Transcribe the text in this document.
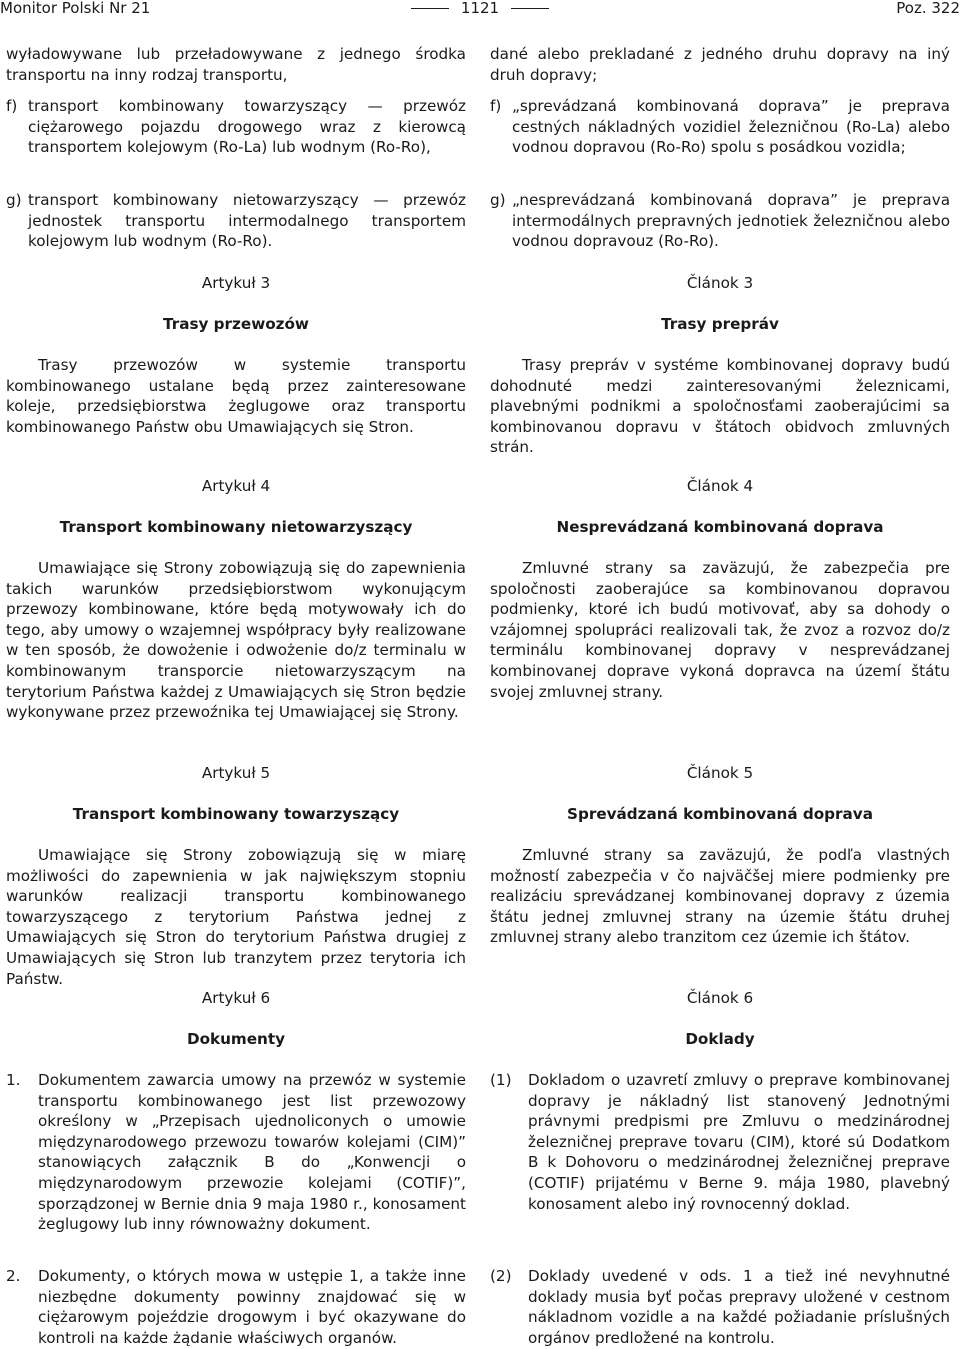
Monitor Polski Nr 21	1121	Poz. 322

wyładowywane lub przeładowywane z jednego środka transportu na inny rodzaj transportu,

f) transport kombinowany towarzyszący — przewóz ciężarowego pojazdu drogowego wraz z kierowcą transportem kolejowym (Ro-La) lub wodnym (Ro-Ro),
g) transport kombinowany nietowarzyszący — przewóz jednostek transportu intermodalnego transportem kolejowym lub wodnym (Ro-Ro).
Artykuł 3
Trasy przewozów

Trasy przewozów w systemie transportu kombinowanego ustalane będą przez zainteresowane koleje, przedsiębiorstwa żeglugowe oraz transportu kombinowanego Państw obu Umawiających się Stron.

Artykuł 4
Transport kombinowany nietowarzyszący

Umawiające się Strony zobowiązują się do zapewnienia takich warunków przedsiębiorstwom wykonującym przewozy kombinowane, które będą motywowały ich do tego, aby umowy o wzajemnej współpracy były realizowane w ten sposób, że dowożenie i odwożenie do/z terminalu w kombinowanym transporcie nietowarzyszącym na terytorium Państwa każdej z Umawiających się Stron będzie wykonywane przez przewoźnika tej Umawiającej się Strony.

Artykuł 5
Transport kombinowany towarzyszący

Umawiające się Strony zobowiązują się w miarę możliwości do zapewnienia w jak największym stopniu warunków realizacji transportu kombinowanego towarzyszącego z terytorium Państwa jednej z Umawiających się Stron do terytorium Państwa drugiej z Umawiających się Stron lub tranzytem przez terytoria ich Państw.

Artykuł 6
Dokumenty
1.	Dokumentem zawarcia umowy na przewóz w systemie transportu kombinowanego jest list przewozowy określony w „Przepisach ujednoliconych o umowie międzynarodowego przewozu towarów kolejami (CIM)” stanowiących załącznik B do „Konwencji o międzynarodowym przewozie kolejami (COTIF)”, sporządzonej w Bernie dnia 9 maja 1980 r., konosament żeglugowy lub inny równoważny dokument.
2.	Dokumenty, o których mowa w ustępie 1, a także inne niezbędne dokumenty powinny znajdować się w ciężarowym pojeździe drogowym i być okazywane do kontroli na każde żądanie właściwych organów.

dané alebo prekladané z jedného druhu dopravy na iný druh dopravy;

f) „sprevádzaná kombinovaná doprava” je preprava cestných nákladných vozidiel železničnou (Ro-La) alebo vodnou dopravou (Ro-Ro) spolu s posádkou vozidla;
g) „nesprevádzaná kombinovaná doprava” je preprava intermodálnych prepravných jednotiek železničnou alebo vodnou dopravouz (Ro-Ro).
Článok 3
Trasy prepráv

Trasy prepráv v systéme kombinovanej dopravy budú dohodnuté medzi zainteresovanými železnicami, plavebnými podnikmi a spoločnosťami zaoberajúcimi sa kombinovanou dopravu v štátoch obidvoch zmluvných strán.

Článok 4
Nesprevádzaná kombinovaná doprava

Zmluvné strany sa zaväzujú, že zabezpečia pre spoločnosti zaoberajúce sa kombinovanou dopravou podmienky, ktoré ich budú motivovať, aby sa dohody o vzájomnej spolupráci realizovali tak, že zvoz a rozvoz do/z terminálu kombinovanej dopravy v nesprevádzanej kombinovanej doprave vykoná dopravca na území štátu svojej zmluvnej strany.

Článok 5
Sprevádzaná kombinovaná doprava

Zmluvné strany sa zaväzujú, že podľa vlastných možností zabezpečia v čo najväčšej miere podmienky pre realizáciu sprevádzanej kombinovanej dopravy z územia štátu jednej zmluvnej strany na územie štátu druhej zmluvnej strany alebo tranzitom cez územie ich štátov.

Článok 6
Doklady
(1)	Dokladom o uzavretí zmluvy o preprave kombinovanej dopravy je nákladný list stanovený Jednotnými právnymi predpismi pre Zmluvu o medzinárodnej železničnej preprave tovaru (CIM), ktoré sú Dodatkom B k Dohovoru o medzinárodnej železničnej preprave (COTIF) prijatému v Berne 9. mája 1980, plavebný konosament alebo iný rovnocenný doklad.
(2)	Doklady uvedené v ods. 1 a tiež iné nevyhnutné doklady musia byť počas prepravy uložené v cestnom nákladnom vozidle a na každé požiadanie príslušných orgánov predložené na kontrolu.
